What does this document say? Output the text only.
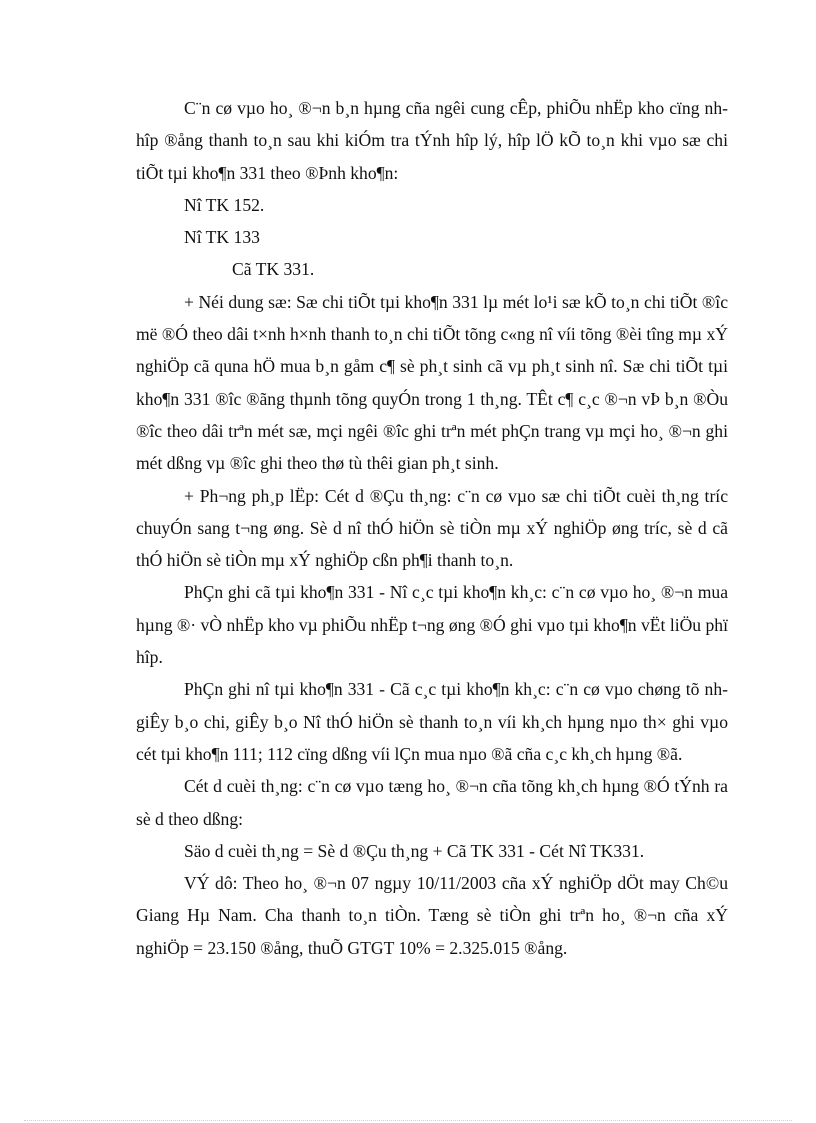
C¨n cø vµo ho¸ ®¬n b¸n hµng cña ngêi cung cÊp, phiÕu nhËp kho cïng nh hîp ®ång thanh to¸n sau khi kiÓm tra tÝnh hîp lý, hîp lÖ kÕ to¸n khi vµo sæ chi tiÕt tµi kho¶n 331 theo ®Þnh kho¶n:

Nî TK 152.

Nî TK 133

Cã TK 331.

+ Néi dung sæ: Sæ chi tiÕt tµi kho¶n 331 lµ mét lo¹i sæ kÕ to¸n chi tiÕt ®îc më ®Ó theo dâi t×nh h×nh thanh to¸n chi tiÕt tõng c«ng nî víi tõng ®èi tîng mµ xÝ nghiÖp cã quna hÖ mua b¸n gåm c¶ sè ph¸t sinh cã vµ ph¸t sinh nî. Sæ chi tiÕt tµi kho¶n 331 ®îc ®ãng thµnh tõng quyÓn trong 1 th¸ng. TÊt c¶ c¸c ®¬n vÞ b¸n ®Òu ®îc theo dâi trªn mét sæ, mçi ngêi ®îc ghi trªn mét phÇn trang vµ mçi ho¸ ®¬n ghi mét dßng vµ ®îc ghi theo thø tù thêi gian ph¸t sinh.

+ Ph¬ng ph¸p lËp: Cét d ®Çu th¸ng: c¨n cø vµo sæ chi tiÕt cuèi th¸ng tríc chuyÓn sang t¬ng øng. Sè d nî thÓ hiÖn sè tiÒn mµ xÝ nghiÖp øng tríc, sè d cã thÓ hiÖn sè tiÒn mµ xÝ nghiÖp cßn ph¶i thanh to¸n.

PhÇn ghi cã tµi kho¶n 331 - Nî c¸c tµi kho¶n kh¸c: c¨n cø vµo ho¸ ®¬n mua hµng ®· vÒ nhËp kho vµ phiÕu nhËp t¬ng øng ®Ó ghi vµo tµi kho¶n vËt liÖu phï hîp.

PhÇn ghi nî tµi kho¶n 331 - Cã c¸c tµi kho¶n kh¸c: c¨n cø vµo chøng tõ nh giÊy b¸o chi, giÊy b¸o Nî thÓ hiÖn sè thanh to¸n víi kh¸ch hµng nµo th× ghi vµo cét tµi kho¶n 111; 112 cïng dßng víi lÇn mua nµo ®ã cña c¸c kh¸ch hµng ®ã.

Cét d cuèi th¸ng: c¨n cø vµo tæng ho¸ ®¬n cña tõng kh¸ch hµng ®Ó tÝnh ra sè d theo dßng:

Säo d cuèi th¸ng = Sè d ®Çu th¸ng + Cã TK 331 - Cét Nî TK331.

VÝ dô: Theo ho¸ ®¬n 07 ngµy 10/11/2003 cña xÝ nghiÖp dÖt may Ch©u Giang Hµ Nam. Cha thanh to¸n tiÒn. Tæng sè tiÒn ghi trªn ho¸ ®¬n cña xÝ nghiÖp = 23.150 ®ång, thuÕ GTGT 10% = 2.325.015 ®ång.
